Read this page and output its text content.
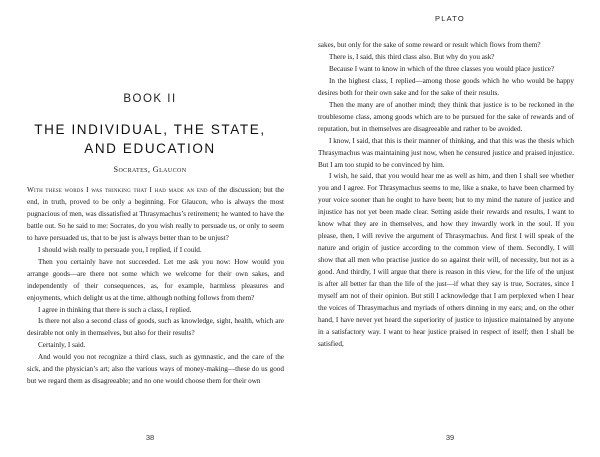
BOOK II
THE INDIVIDUAL, THE STATE,
AND EDUCATION
Socrates, Glaucon

With these words I was thinking that I had made an end of the discussion; but the end, in truth, proved to be only a beginning. For Glaucon, who is always the most pugnacious of men, was dissatisfied at Thrasymachus’s retirement; he wanted to have the battle out. So he said to me: Socrates, do you wish really to persuade us, or only to seem to have persuaded us, that to be just is always better than to be unjust?

I should wish really to persuade you, I replied, if I could.

Then you certainly have not succeeded. Let me ask you now: How would you arrange goods—are there not some which we welcome for their own sakes, and independently of their consequences, as, for example, harmless pleasures and enjoyments, which delight us at the time, although nothing follows from them?

I agree in thinking that there is such a class, I replied.

Is there not also a second class of goods, such as knowledge, sight, health, which are desirable not only in themselves, but also for their results?

Certainly, I said.

And would you not recognize a third class, such as gymnastic, and the care of the sick, and the physician’s art; also the various ways of money-making—these do us good but we regard them as disagreeable; and no one would choose them for their own

38
PLATO

sakes, but only for the sake of some reward or result which flows from them?

There is, I said, this third class also. But why do you ask?

Because I want to know in which of the three classes you would place justice?

In the highest class, I replied—among those goods which he who would be happy desires both for their own sake and for the sake of their results.

Then the many are of another mind; they think that justice is to be reckoned in the troublesome class, among goods which are to be pursued for the sake of rewards and of reputation, but in themselves are disagreeable and rather to be avoided.

I know, I said, that this is their manner of thinking, and that this was the thesis which Thrasymachus was maintaining just now, when he censured justice and praised injustice. But I am too stupid to be convinced by him.

I wish, he said, that you would hear me as well as him, and then I shall see whether you and I agree. For Thrasymachus seems to me, like a snake, to have been charmed by your voice sooner than he ought to have been; but to my mind the nature of justice and injustice has not yet been made clear. Setting aside their rewards and results, I want to know what they are in themselves, and how they inwardly work in the soul. If you please, then, I will revive the argument of Thrasymachus. And first I will speak of the nature and origin of justice according to the common view of them. Secondly, I will show that all men who practise justice do so against their will, of necessity, but not as a good. And thirdly, I will argue that there is reason in this view, for the life of the unjust is after all better far than the life of the just—if what they say is true, Socrates, since I myself am not of their opinion. But still I acknowledge that I am perplexed when I hear the voices of Thrasymachus and myriads of others dinning in my ears; and, on the other hand, I have never yet heard the superiority of justice to injustice maintained by anyone in a satisfactory way. I want to hear justice praised in respect of itself; then I shall be satisfied,

39
